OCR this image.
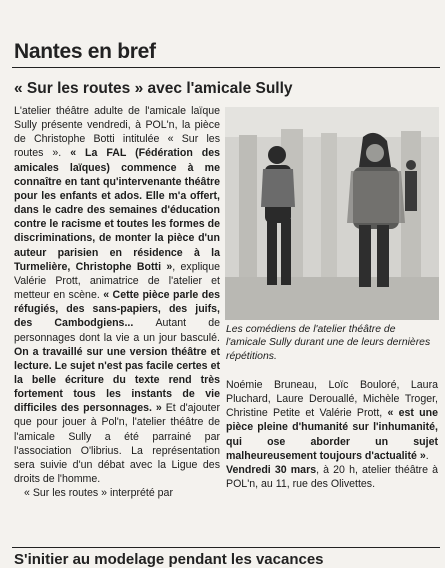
Nantes en bref
« Sur les routes » avec l'amicale Sully

L'atelier théâtre adulte de l'amicale laïque Sully présente vendredi, à POL'n, la pièce de Christophe Botti intitulée « Sur les routes ». « La FAL (Fédération des amicales laïques) commence à me connaître en tant qu'intervenante théâtre pour les enfants et ados. Elle m'a offert, dans le cadre des semaines d'éducation contre le racisme et toutes les formes de discriminations, de monter la pièce d'un auteur parisien en résidence à la Turmelière, Christophe Botti », explique Valérie Prott, animatrice de l'atelier et metteur en scène. « Cette pièce parle des réfugiés, des sans-papiers, des juifs, des Cambodgiens... Autant de personnages dont la vie a un jour basculé. On a travaillé sur une version théâtre et lecture. Le sujet n'est pas facile certes et la belle écriture du texte rend très fortement tous les instants de vie difficiles des personnages. » Et d'ajouter que pour jouer à Pol'n, l'atelier théâtre de l'amicale Sully a été parrainé par l'association O'librius. La représentation sera suivie d'un débat avec la Ligue des droits de l'homme.

« Sur les routes » interprété par

Les comédiens de l'atelier théâtre de l'amicale Sully durant une de leurs dernières répétitions.

Noémie Bruneau, Loïc Bouloré, Laura Pluchard, Laure Derouallé, Michèle Troger, Christine Petite et Valérie Prott, « est une pièce pleine d'humanité sur l'inhumanité, qui ose aborder un sujet malheureusement toujours d'actualité ».

Vendredi 30 mars, à 20 h, atelier théâtre à POL'n, au 11, rue des Olivettes.

S'initier au modelage pendant les vacances
